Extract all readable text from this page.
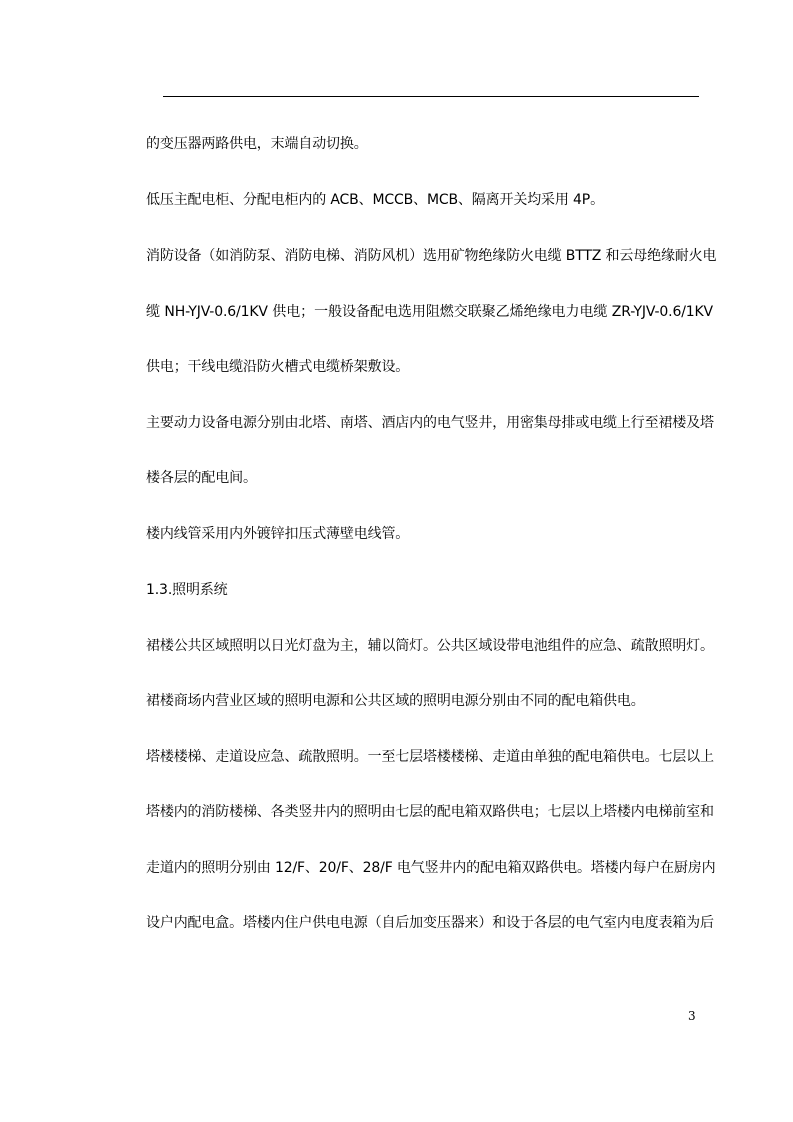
的变压器两路供电，末端自动切换。
低压主配电柜、分配电柜内的 ACB、MCCB、MCB、隔离开关均采用 4P。
消防设备（如消防泵、消防电梯、消防风机）选用矿物绝缘防火电缆 BTTZ 和云母绝缘耐火电
缆 NH-YJV-0.6/1KV 供电；一般设备配电选用阻燃交联聚乙烯绝缘电力电缆 ZR-YJV-0.6/1KV
供电；干线电缆沿防火槽式电缆桥架敷设。
主要动力设备电源分别由北塔、南塔、酒店内的电气竖井，用密集母排或电缆上行至裙楼及塔
楼各层的配电间。
楼内线管采用内外镀锌扣压式薄壁电线管。
1.3.照明系统
裙楼公共区域照明以日光灯盘为主，辅以筒灯。公共区域设带电池组件的应急、疏散照明灯。
裙楼商场内营业区域的照明电源和公共区域的照明电源分别由不同的配电箱供电。
塔楼楼梯、走道设应急、疏散照明。一至七层塔楼楼梯、走道由单独的配电箱供电。七层以上
塔楼内的消防楼梯、各类竖井内的照明由七层的配电箱双路供电；七层以上塔楼内电梯前室和
走道内的照明分别由 12/F、20/F、28/F 电气竖井内的配电箱双路供电。塔楼内每户在厨房内
设户内配电盒。塔楼内住户供电电源（自后加变压器来）和设于各层的电气室内电度表箱为后
3
